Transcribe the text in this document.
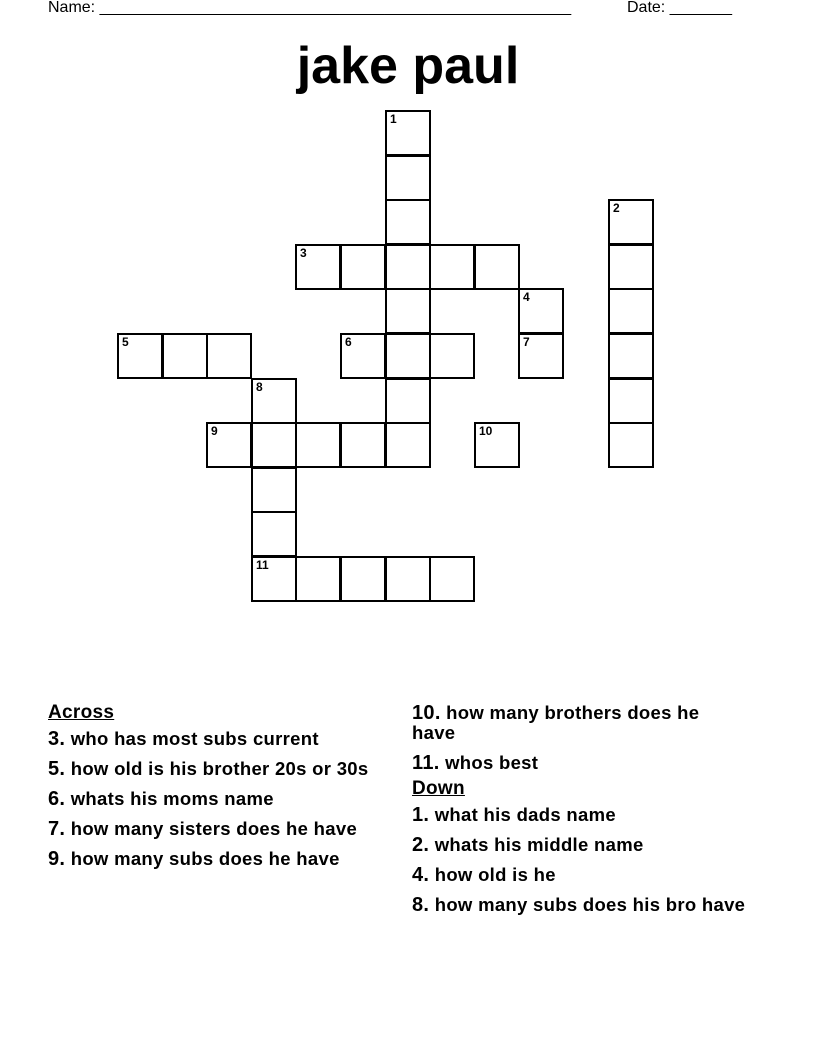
Name: _____________________________________________________	Date: _______
jake paul
1
2
3
4
7
5	6
8
9	10
11
Across
3. who has most subs current
5. how old is his brother 20s or 30s
6. whats his moms name
7. how many sisters does he have
9. how many subs does he have
10. how many brothers does he have
11. whos best
Down
1. what his dads name
2. whats his middle name
4. how old is he
8. how many subs does his bro have
